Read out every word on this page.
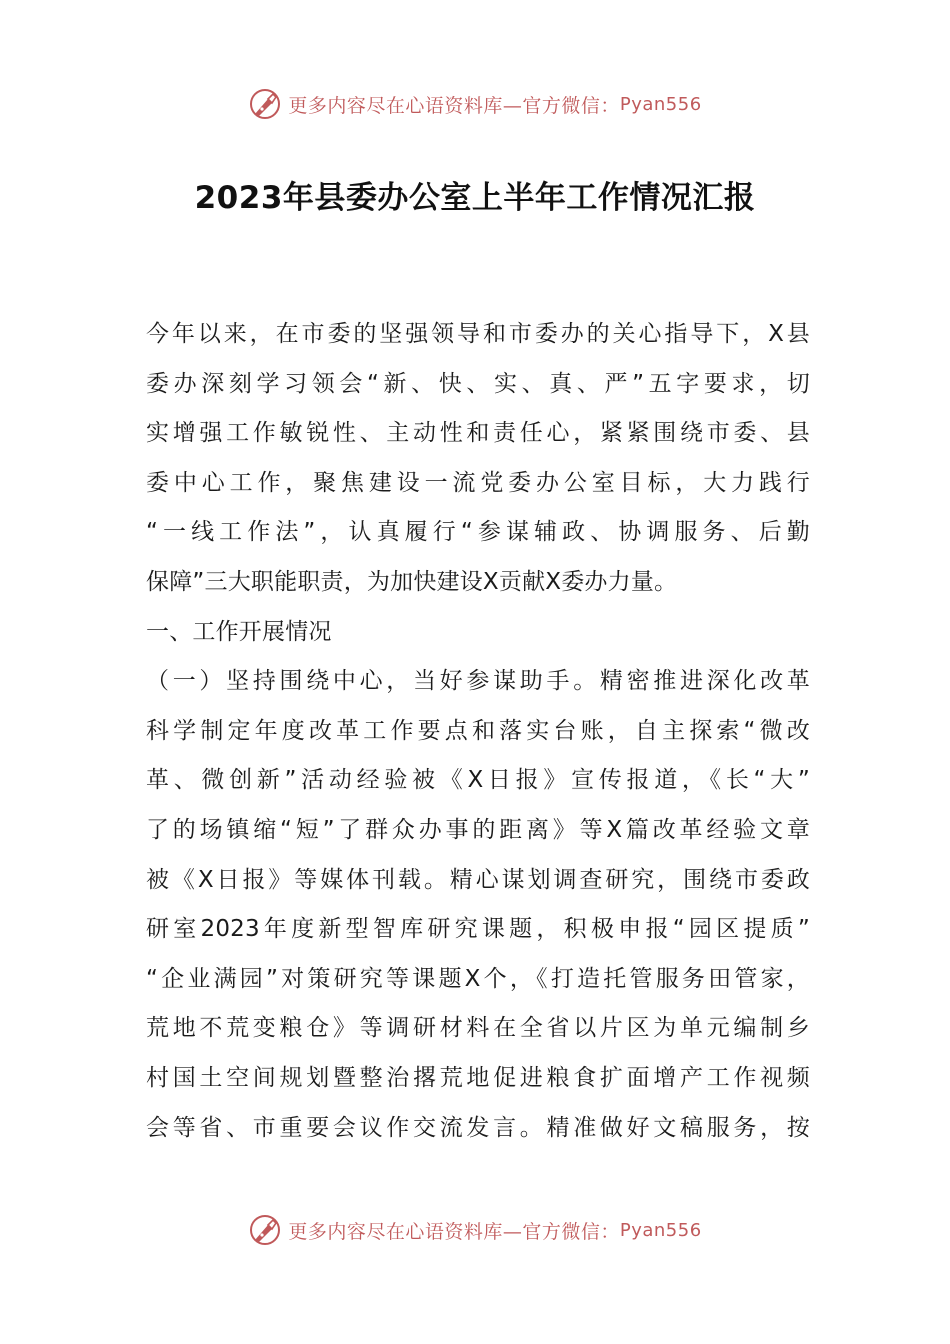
更多内容尽在心语资料库—官方微信： Pyan556
2023年县委办公室上半年工作情况汇报
今年以来，在市委的坚强领导和市委办的关心指导下，X县
委办深刻学习领会“新、快、实、真、严”五字要求，切
实增强工作敏锐性、主动性和责任心，紧紧围绕市委、县
委中心工作，聚焦建设一流党委办公室目标，大力践行
“一线工作法”，认真履行“参谋辅政、协调服务、后勤
保障”三大职能职责，为加快建设X贡献X委办力量。
一、工作开展情况
（一）坚持围绕中心，当好参谋助手。精密推进深化改革
科学制定年度改革工作要点和落实台账，自主探索“微改
革、微创新”活动经验被《X日报》宣传报道，《长“大”
了的场镇缩“短”了群众办事的距离》等X篇改革经验文章
被《X日报》等媒体刊载。精心谋划调查研究，围绕市委政
研室2023年度新型智库研究课题，积极申报“园区提质”
“企业满园”对策研究等课题X个，《打造托管服务田管家，
荒地不荒变粮仓》等调研材料在全省以片区为单元编制乡
村国土空间规划暨整治撂荒地促进粮食扩面增产工作视频
会等省、市重要会议作交流发言。精准做好文稿服务，按
更多内容尽在心语资料库—官方微信： Pyan556
